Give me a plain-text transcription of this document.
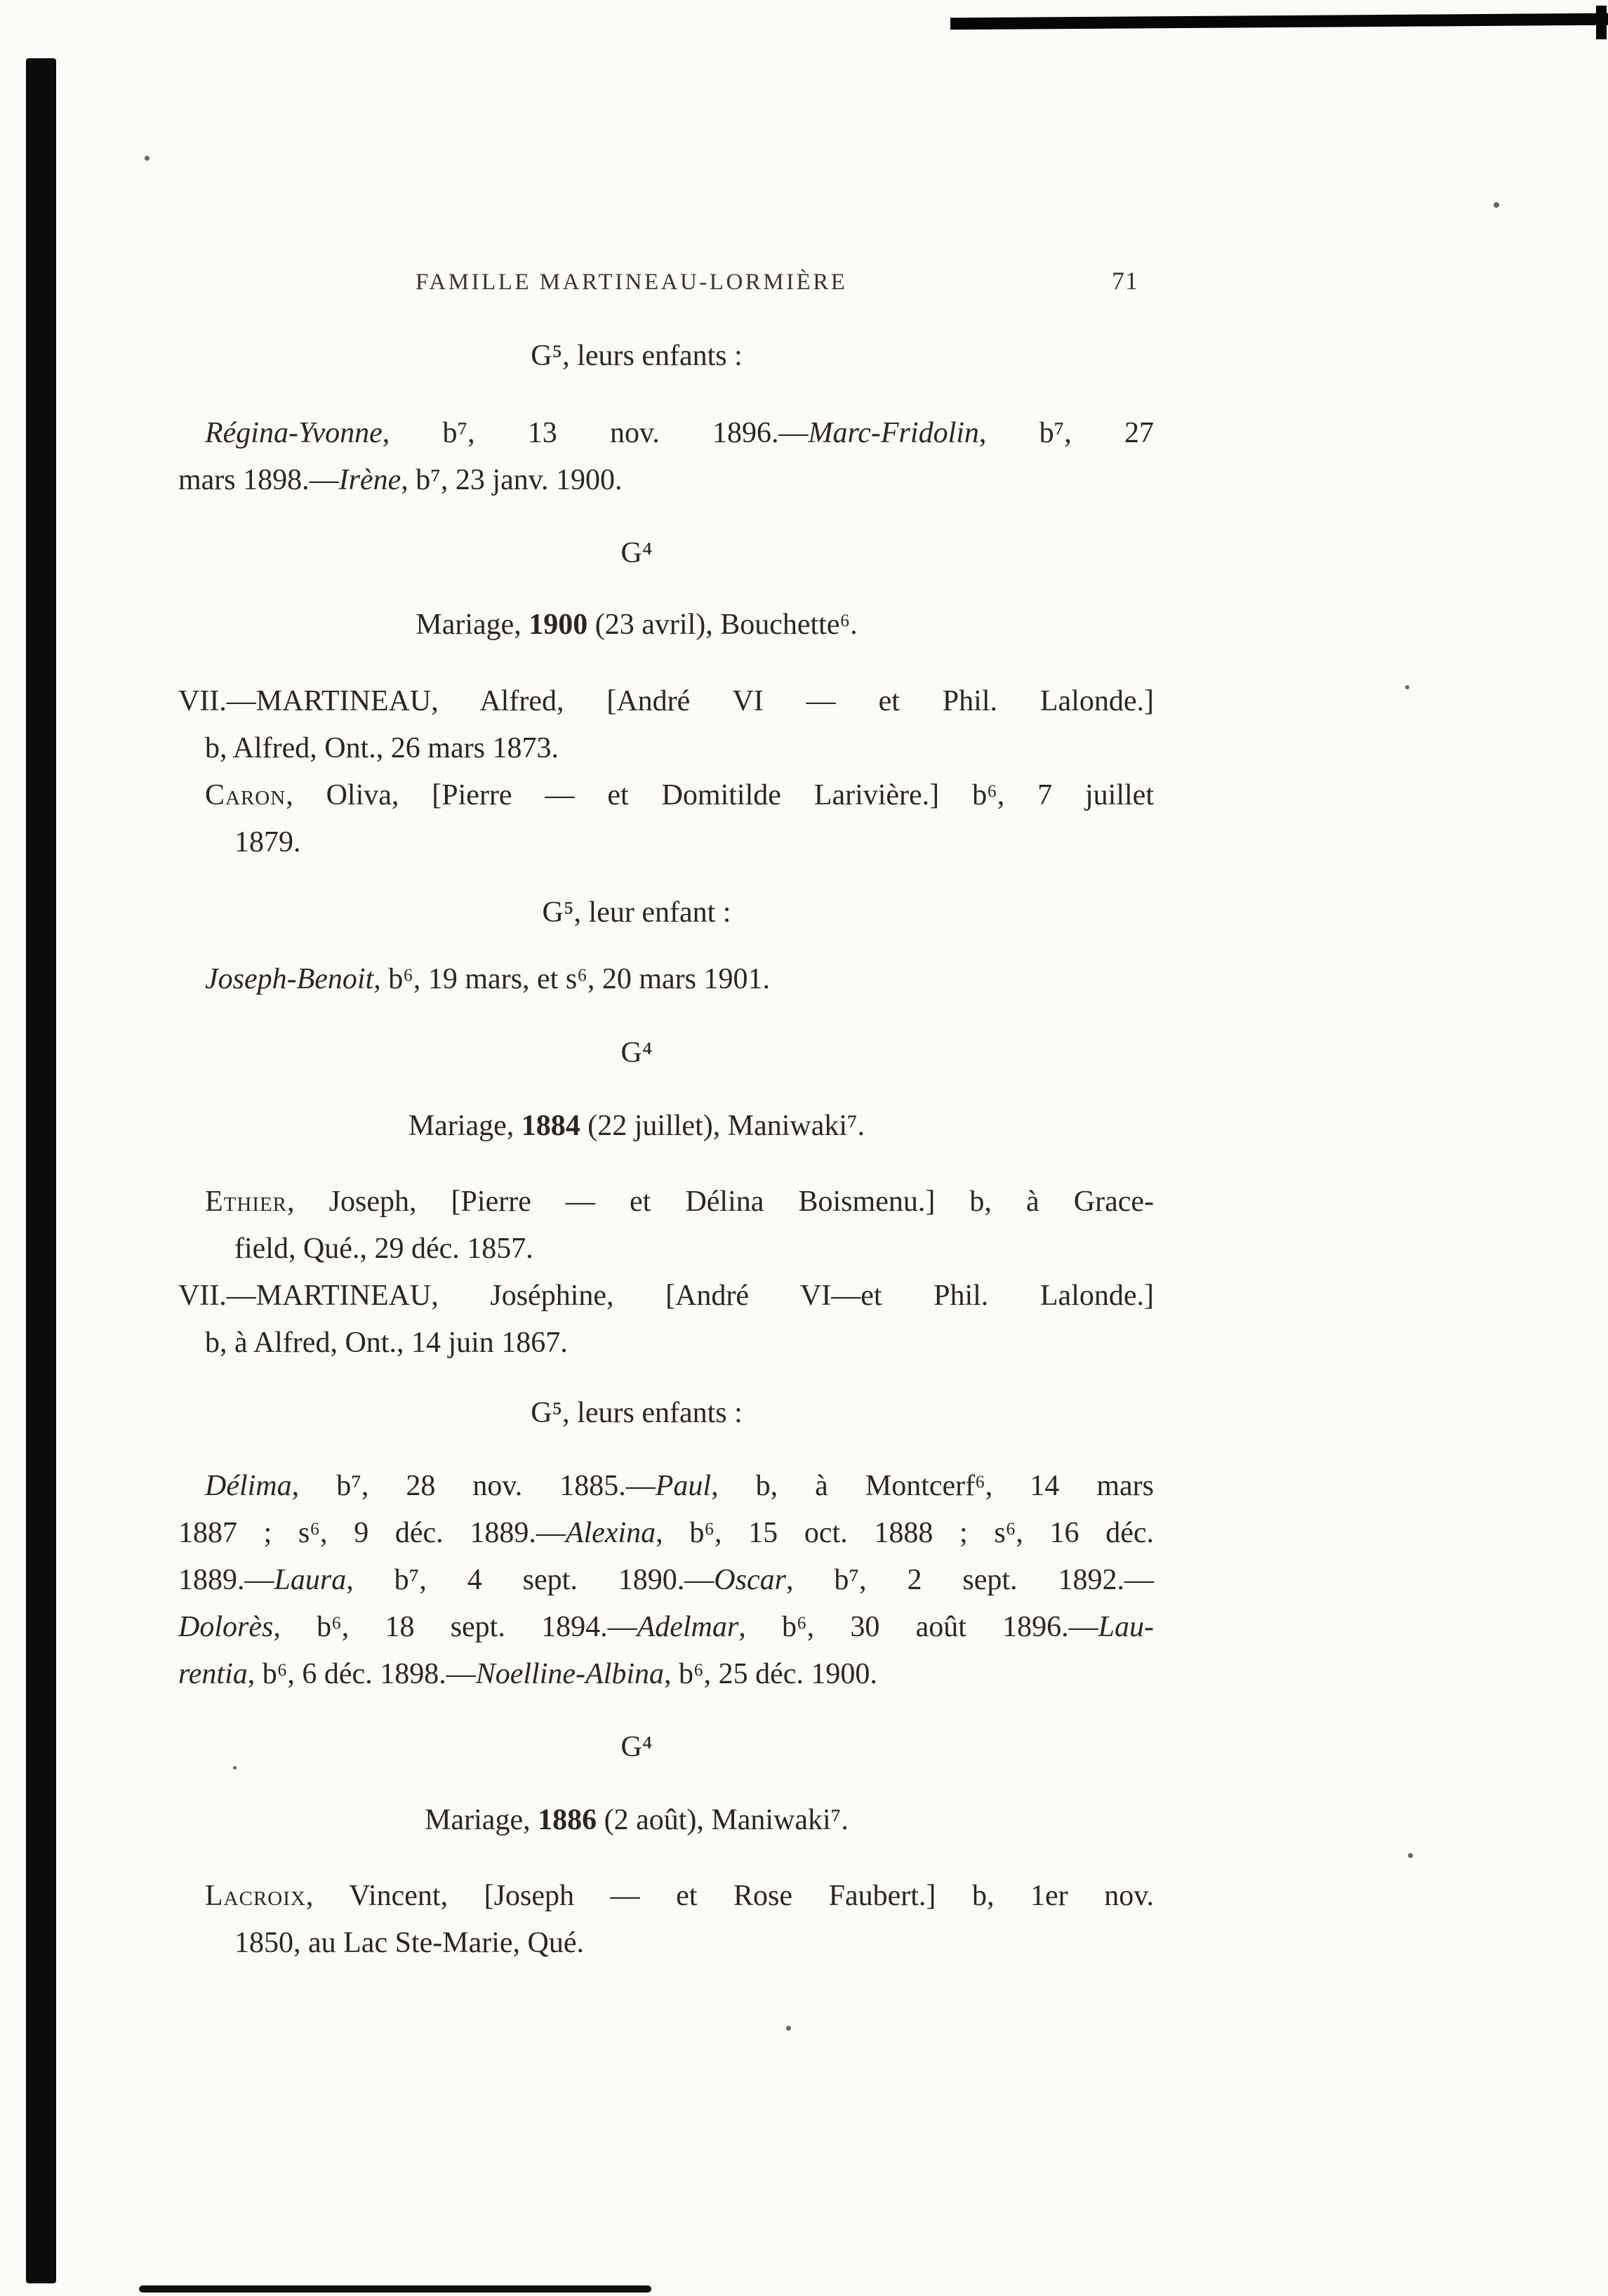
FAMILLE MARTINEAU-LORMIÈRE	71
G⁵, leurs enfants :
Régina-Yvonne, b⁷, 13 nov. 1896.—Marc-Fridolin, b⁷, 27
mars 1898.—Irène, b⁷, 23 janv. 1900.
G⁴
Mariage, 1900 (23 avril), Bouchette⁶.
VII.—MARTINEAU, Alfred, [André VI — et Phil. Lalonde.]
b, Alfred, Ont., 26 mars 1873.
Caron, Oliva, [Pierre — et Domitilde Larivière.] b⁶, 7 juillet
1879.
G⁵, leur enfant :
Joseph-Benoit, b⁶, 19 mars, et s⁶, 20 mars 1901.
G⁴
Mariage, 1884 (22 juillet), Maniwaki⁷.
Ethier, Joseph, [Pierre — et Délina Boismenu.] b, à Grace-
field, Qué., 29 déc. 1857.
VII.—MARTINEAU, Joséphine, [André VI—et Phil. Lalonde.]
b, à Alfred, Ont., 14 juin 1867.
G⁵, leurs enfants :
Délima, b⁷, 28 nov. 1885.—Paul, b, à Montcerf⁶, 14 mars
1887 ; s⁶, 9 déc. 1889.—Alexina, b⁶, 15 oct. 1888 ; s⁶, 16 déc.
1889.—Laura, b⁷, 4 sept. 1890.—Oscar, b⁷, 2 sept. 1892.—
Dolorès, b⁶, 18 sept. 1894.—Adelmar, b⁶, 30 août 1896.—Lau-
rentia, b⁶, 6 déc. 1898.—Noelline-Albina, b⁶, 25 déc. 1900.
G⁴
Mariage, 1886 (2 août), Maniwaki⁷.
Lacroix, Vincent, [Joseph — et Rose Faubert.] b, 1er nov.
1850, au Lac Ste-Marie, Qué.
